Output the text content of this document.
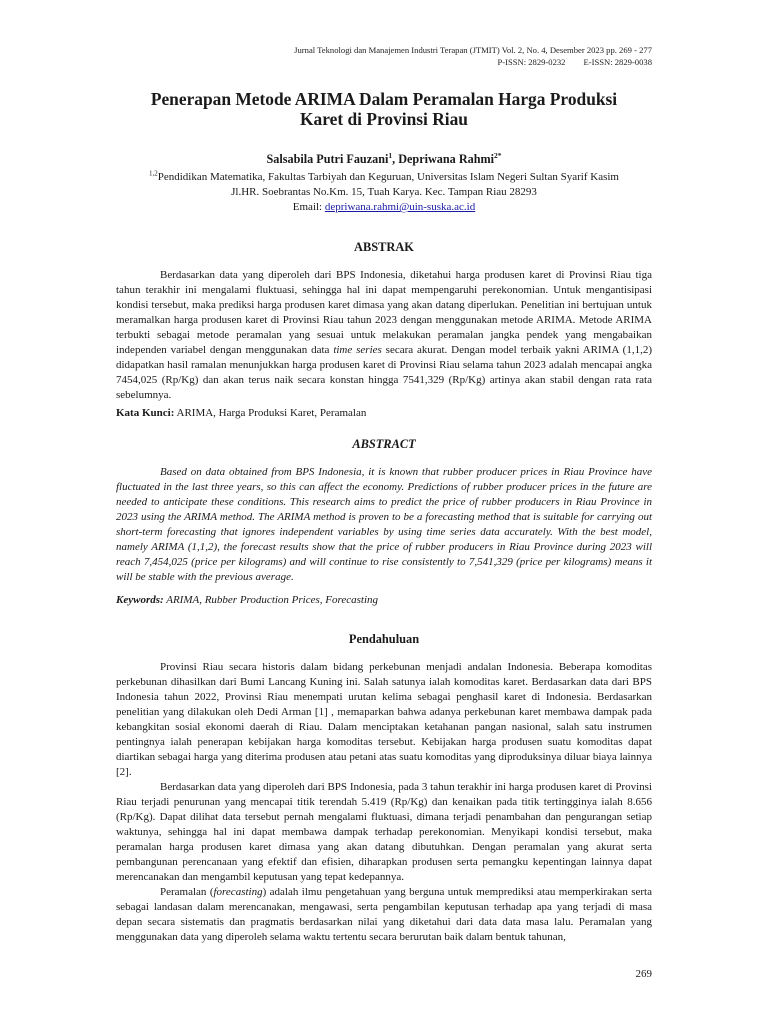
Jurnal Teknologi dan Manajemen Industri Terapan (JTMIT) Vol. 2, No. 4, Desember 2023 pp. 269 - 277
P-ISSN: 2829-0232 E-ISSN: 2829-0038
Penerapan Metode ARIMA Dalam Peramalan Harga Produksi
Karet di Provinsi Riau
Salsabila Putri Fauzani$^1$, Depriwana Rahmi$^{2*}$
$^{1,2}$Pendidikan Matematika, Fakultas Tarbiyah dan Keguruan, Universitas Islam Negeri Sultan Syarif Kasim
Jl.HR. Soebrantas No.Km. 15, Tuah Karya. Kec. Tampan Riau 28293
Email: depriwana.rahmi@uin-suska.ac.id
ABSTRAK

Berdasarkan data yang diperoleh dari BPS Indonesia, diketahui harga produsen karet di Provinsi Riau tiga tahun terakhir ini mengalami fluktuasi, sehingga hal ini dapat mempengaruhi perekonomian. Untuk mengantisipasi kondisi tersebut, maka prediksi harga produsen karet dimasa yang akan datang diperlukan. Penelitian ini bertujuan untuk meramalkan harga produsen karet di Provinsi Riau tahun 2023 dengan menggunakan metode ARIMA. Metode ARIMA terbukti sebagai metode peramalan yang sesuai untuk melakukan peramalan jangka pendek yang mengabaikan independen variabel dengan menggunakan data time series secara akurat. Dengan model terbaik yakni ARIMA (1,1,2) didapatkan hasil ramalan menunjukkan harga produsen karet di Provinsi Riau selama tahun 2023 adalah mencapai angka 7454,025 (Rp/Kg) dan akan terus naik secara konstan hingga 7541,329 (Rp/Kg) artinya akan stabil dengan rata rata sebelumnya.

Kata Kunci: ARIMA, Harga Produksi Karet, Peramalan
ABSTRACT

Based on data obtained from BPS Indonesia, it is known that rubber producer prices in Riau Province have fluctuated in the last three years, so this can affect the economy. Predictions of rubber producer prices in the future are needed to anticipate these conditions. This research aims to predict the price of rubber producers in Riau Province in 2023 using the ARIMA method. The ARIMA method is proven to be a forecasting method that is suitable for carrying out short-term forecasting that ignores independent variables by using time series data accurately. With the best model, namely ARIMA (1,1,2), the forecast results show that the price of rubber producers in Riau Province during 2023 will reach 7,454,025 (price per kilograms) and will continue to rise consistently to 7,541,329 (price per kilograms) means it will be stable with the previous average.

Keywords: ARIMA, Rubber Production Prices, Forecasting
Pendahuluan

Provinsi Riau secara historis dalam bidang perkebunan menjadi andalan Indonesia. Beberapa komoditas perkebunan dihasilkan dari Bumi Lancang Kuning ini. Salah satunya ialah komoditas karet. Berdasarkan data dari BPS Indonesia tahun 2022, Provinsi Riau menempati urutan kelima sebagai penghasil karet di Indonesia. Berdasarkan penelitian yang dilakukan oleh Dedi Arman [1] , memaparkan bahwa adanya perkebunan karet membawa dampak pada kebangkitan sosial ekonomi daerah di Riau. Dalam menciptakan ketahanan pangan nasional, salah satu instrumen pentingnya ialah penerapan kebijakan harga komoditas tersebut. Kebijakan harga produsen suatu komoditas dapat diartikan sebagai harga yang diterima produsen atau petani atas suatu komoditas yang diproduksinya diluar biaya lainnya [2].

Berdasarkan data yang diperoleh dari BPS Indonesia, pada 3 tahun terakhir ini harga produsen karet di Provinsi Riau terjadi penurunan yang mencapai titik terendah 5.419 (Rp/Kg) dan kenaikan pada titik tertingginya ialah 8.656 (Rp/Kg). Dapat dilihat data tersebut pernah mengalami fluktuasi, dimana terjadi penambahan dan pengurangan setiap waktunya, sehingga hal ini dapat membawa dampak terhadap perekonomian. Menyikapi kondisi tersebut, maka peramalan harga produsen karet dimasa yang akan datang dibutuhkan. Dengan peramalan yang akurat serta pembangunan perencanaan yang efektif dan efisien, diharapkan produsen serta pemangku kepentingan lainnya dapat merencanakan dan mengambil keputusan yang tepat kedepannya.

Peramalan (forecasting) adalah ilmu pengetahuan yang berguna untuk memprediksi atau memperkirakan serta sebagai landasan dalam merencanakan, mengawasi, serta pengambilan keputusan terhadap apa yang terjadi di masa depan secara sistematis dan pragmatis berdasarkan nilai yang diketahui dari data data masa lalu. Peramalan yang menggunakan data yang diperoleh selama waktu tertentu secara berurutan baik dalam bentuk tahunan,

269
